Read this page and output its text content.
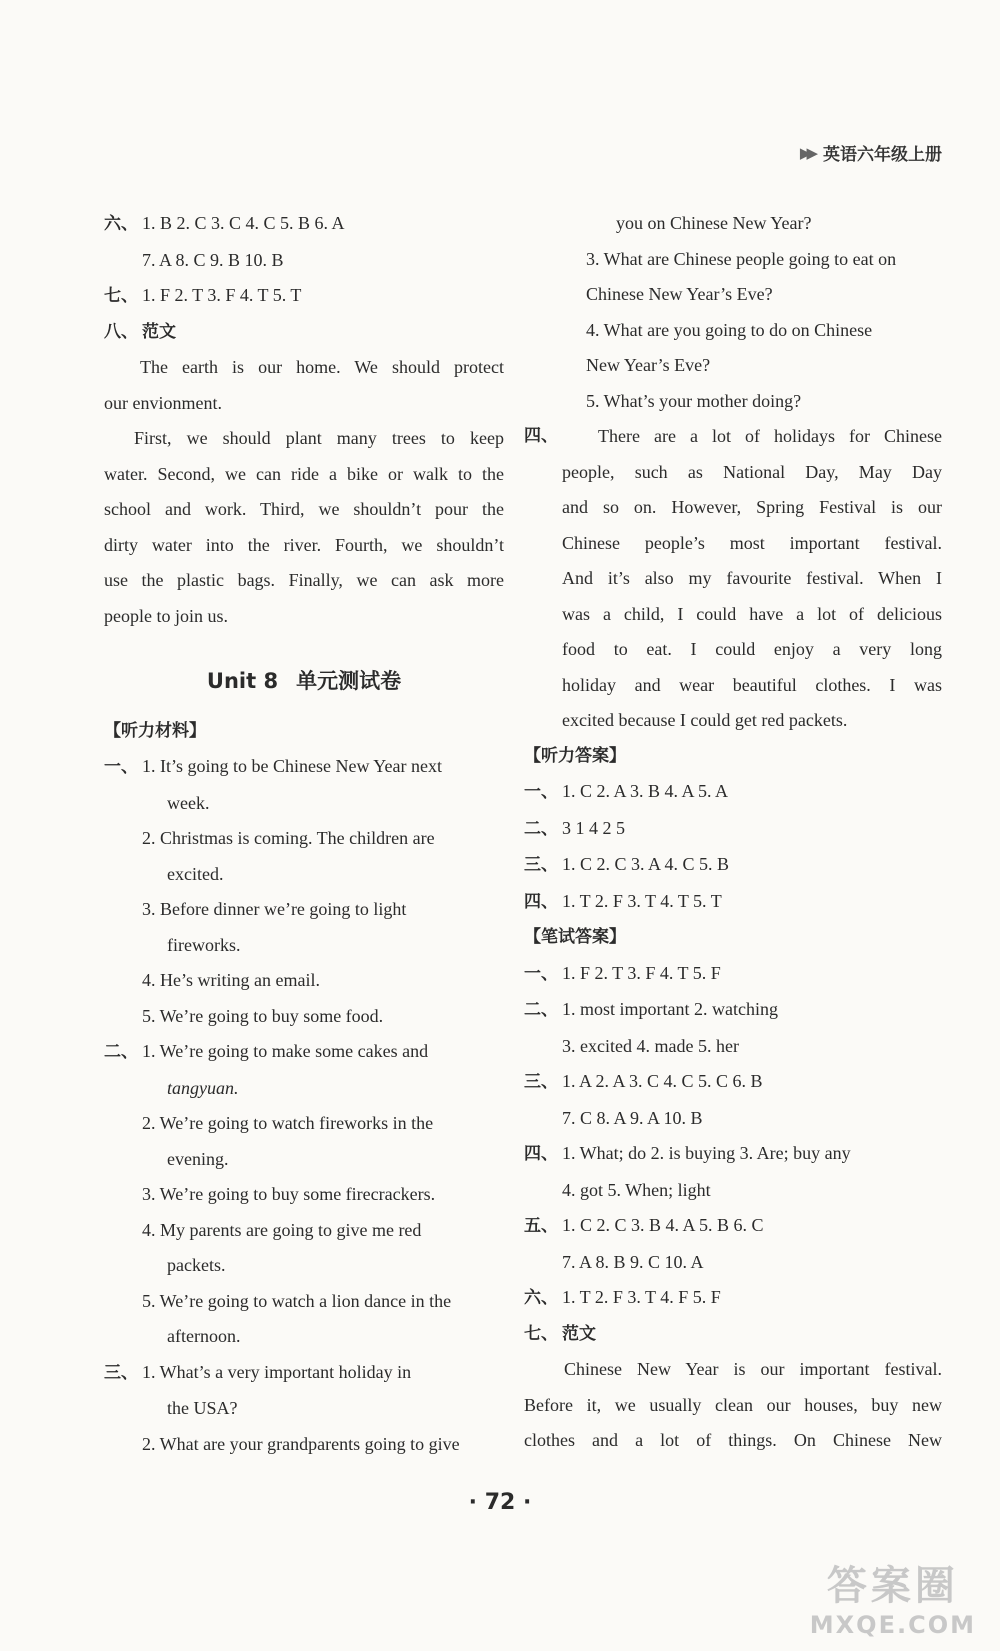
▶▶ 英语六年级上册
六、 1. B 2. C 3. C 4. C 5. B 6. A
7. A 8. C 9. B 10. B
七、 1. F 2. T 3. F 4. T 5. T
八、 范文
The earth is our home. We should protect
our envionment.
First, we should plant many trees to keep
water. Second, we can ride a bike or walk to the
school and work. Third, we shouldn’t pour the
dirty water into the river. Fourth, we shouldn’t
use the plastic bags. Finally, we can ask more
people to join us.
Unit 8 单元测试卷
【听力材料】
一、 1. It’s going to be Chinese New Year next
week.
2. Christmas is coming. The children are
excited.
3. Before dinner we’re going to light
fireworks.
4. He’s writing an email.
5. We’re going to buy some food.
二、 1. We’re going to make some cakes and
tangyuan.
2. We’re going to watch fireworks in the
evening.
3. We’re going to buy some firecrackers.
4. My parents are going to give me red
packets.
5. We’re going to watch a lion dance in the
afternoon.
三、 1. What’s a very important holiday in
the USA?
2. What are your grandparents going to give
you on Chinese New Year?
3. What are Chinese people going to eat on
Chinese New Year’s Eve?
4. What are you going to do on Chinese
New Year’s Eve?
5. What’s your mother doing?
四、	There are a lot of holidays for Chinese
people, such as National Day, May Day
and so on. However, Spring Festival is our
Chinese people’s most important festival.
And it’s also my favourite festival. When I
was a child, I could have a lot of delicious
food to eat. I could enjoy a very long
holiday and wear beautiful clothes. I was
excited because I could get red packets.
【听力答案】
一、 1. C 2. A 3. B 4. A 5. A
二、 3 1 4 2 5
三、 1. C 2. C 3. A 4. C 5. B
四、 1. T 2. F 3. T 4. T 5. T
【笔试答案】
一、 1. F 2. T 3. F 4. T 5. F
二、 1. most important 2. watching
3. excited 4. made 5. her
三、 1. A 2. A 3. C 4. C 5. C 6. B
7. C 8. A 9. A 10. B
四、 1. What; do 2. is buying 3. Are; buy any
4. got 5. When; light
五、 1. C 2. C 3. B 4. A 5. B 6. C
7. A 8. B 9. C 10. A
六、 1. T 2. F 3. T 4. F 5. F
七、 范文
Chinese New Year is our important festival.
Before it, we usually clean our houses, buy new
clothes and a lot of things. On Chinese New
· 72 ·
答案圈
MXQE.COM
